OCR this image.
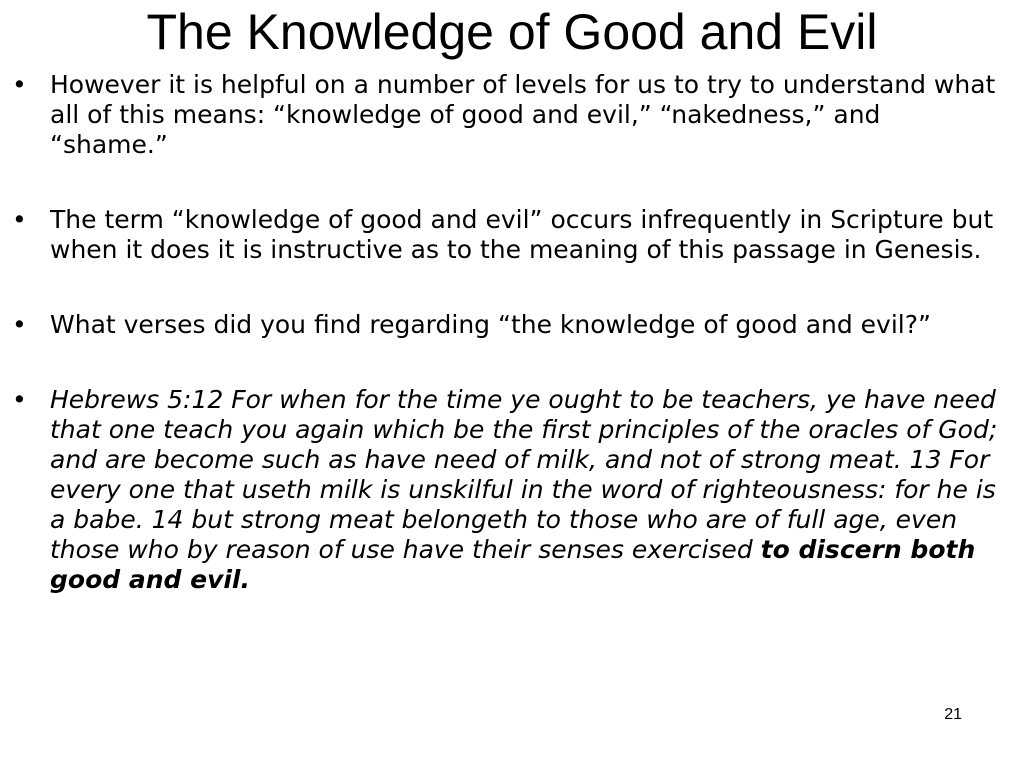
The Knowledge of Good and Evil
• However it is helpful on a number of levels for us to try to understand what all of this means: “knowledge of good and evil,” “nakedness,” and “shame.”
• The term “knowledge of good and evil” occurs infrequently in Scripture but when it does it is instructive as to the meaning of this passage in Genesis.
• What verses did you find regarding “the knowledge of good and evil?”
• Hebrews 5:12 For when for the time ye ought to be teachers, ye have need that one teach you again which be the first principles of the oracles of God; and are become such as have need of milk, and not of strong meat. 13 For every one that useth milk is unskilful in the word of righteousness: for he is a babe. 14 but strong meat belongeth to those who are of full age, even those who by reason of use have their senses exercised to discern both good and evil.
21
